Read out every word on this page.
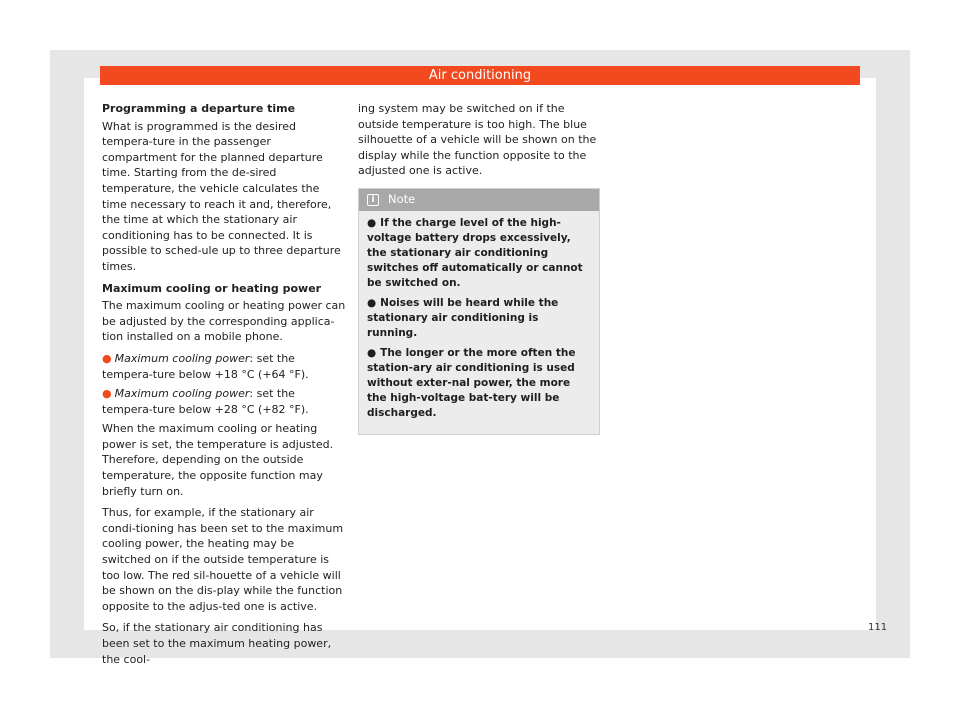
Air conditioning
Programming a departure time

What is programmed is the desired tempera-ture in the passenger compartment for the planned departure time. Starting from the de-sired temperature, the vehicle calculates the time necessary to reach it and, therefore, the time at which the stationary air conditioning has to be connected. It is possible to sched-ule up to three departure times.

Maximum cooling or heating power

The maximum cooling or heating power can be adjusted by the corresponding applica-tion installed on a mobile phone.

● Maximum cooling power: set the tempera-ture below +18 °C (+64 °F).
● Maximum cooling power: set the tempera-ture below +28 °C (+82 °F).

When the maximum cooling or heating power is set, the temperature is adjusted. Therefore, depending on the outside temperature, the opposite function may briefly turn on.

Thus, for example, if the stationary air condi-tioning has been set to the maximum cooling power, the heating may be switched on if the outside temperature is too low. The red sil-houette of a vehicle will be shown on the dis-play while the function opposite to the adjus-ted one is active.

So, if the stationary air conditioning has been set to the maximum heating power, the cool-

ing system may be switched on if the outside temperature is too high. The blue silhouette of a vehicle will be shown on the display while the function opposite to the adjusted one is active.

i	Note
● If the charge level of the high-voltage battery drops excessively, the stationary air conditioning switches off automatically or cannot be switched on.
● Noises will be heard while the stationary air conditioning is running.
● The longer or the more often the station-ary air conditioning is used without exter-nal power, the more the high-voltage bat-tery will be discharged.
111
